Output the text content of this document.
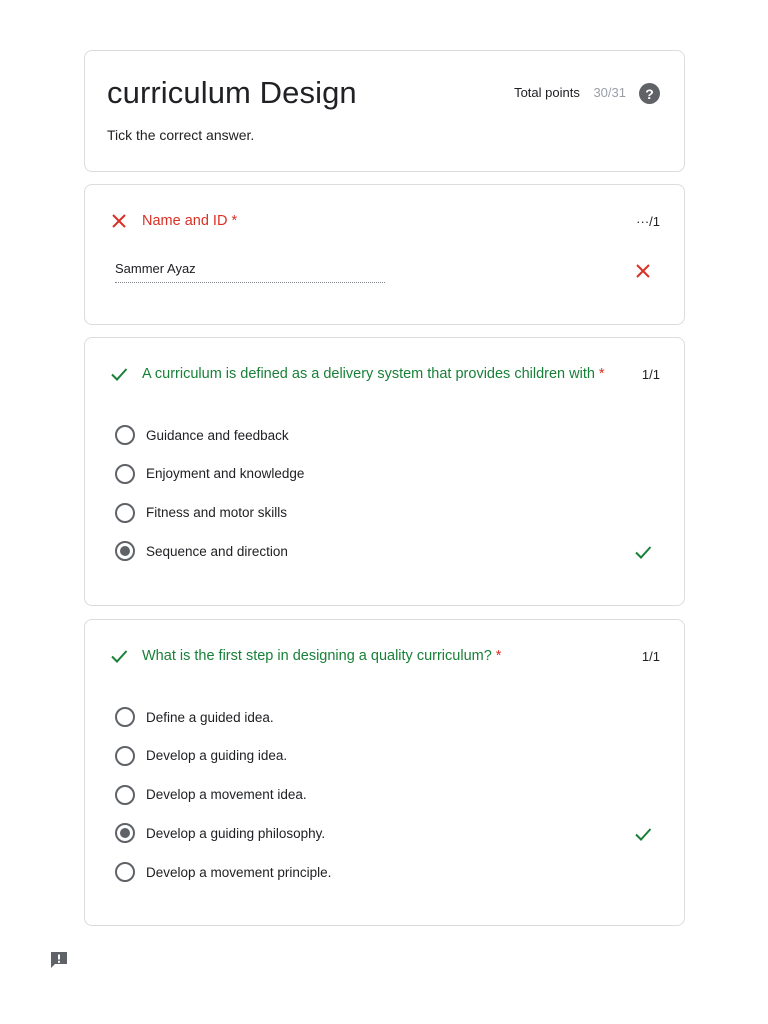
curriculum Design
Tick the correct answer.
Total points 30/31	?
Name and ID *	···/1
Sammer Ayaz
A curriculum is defined as a delivery system that provides children with *	1/1
Guidance and feedback
Enjoyment and knowledge
Fitness and motor skills
Sequence and direction
What is the first step in designing a quality curriculum? *	1/1
Define a guided idea.
Develop a guiding idea.
Develop a movement idea.
Develop a guiding philosophy.
Develop a movement principle.
